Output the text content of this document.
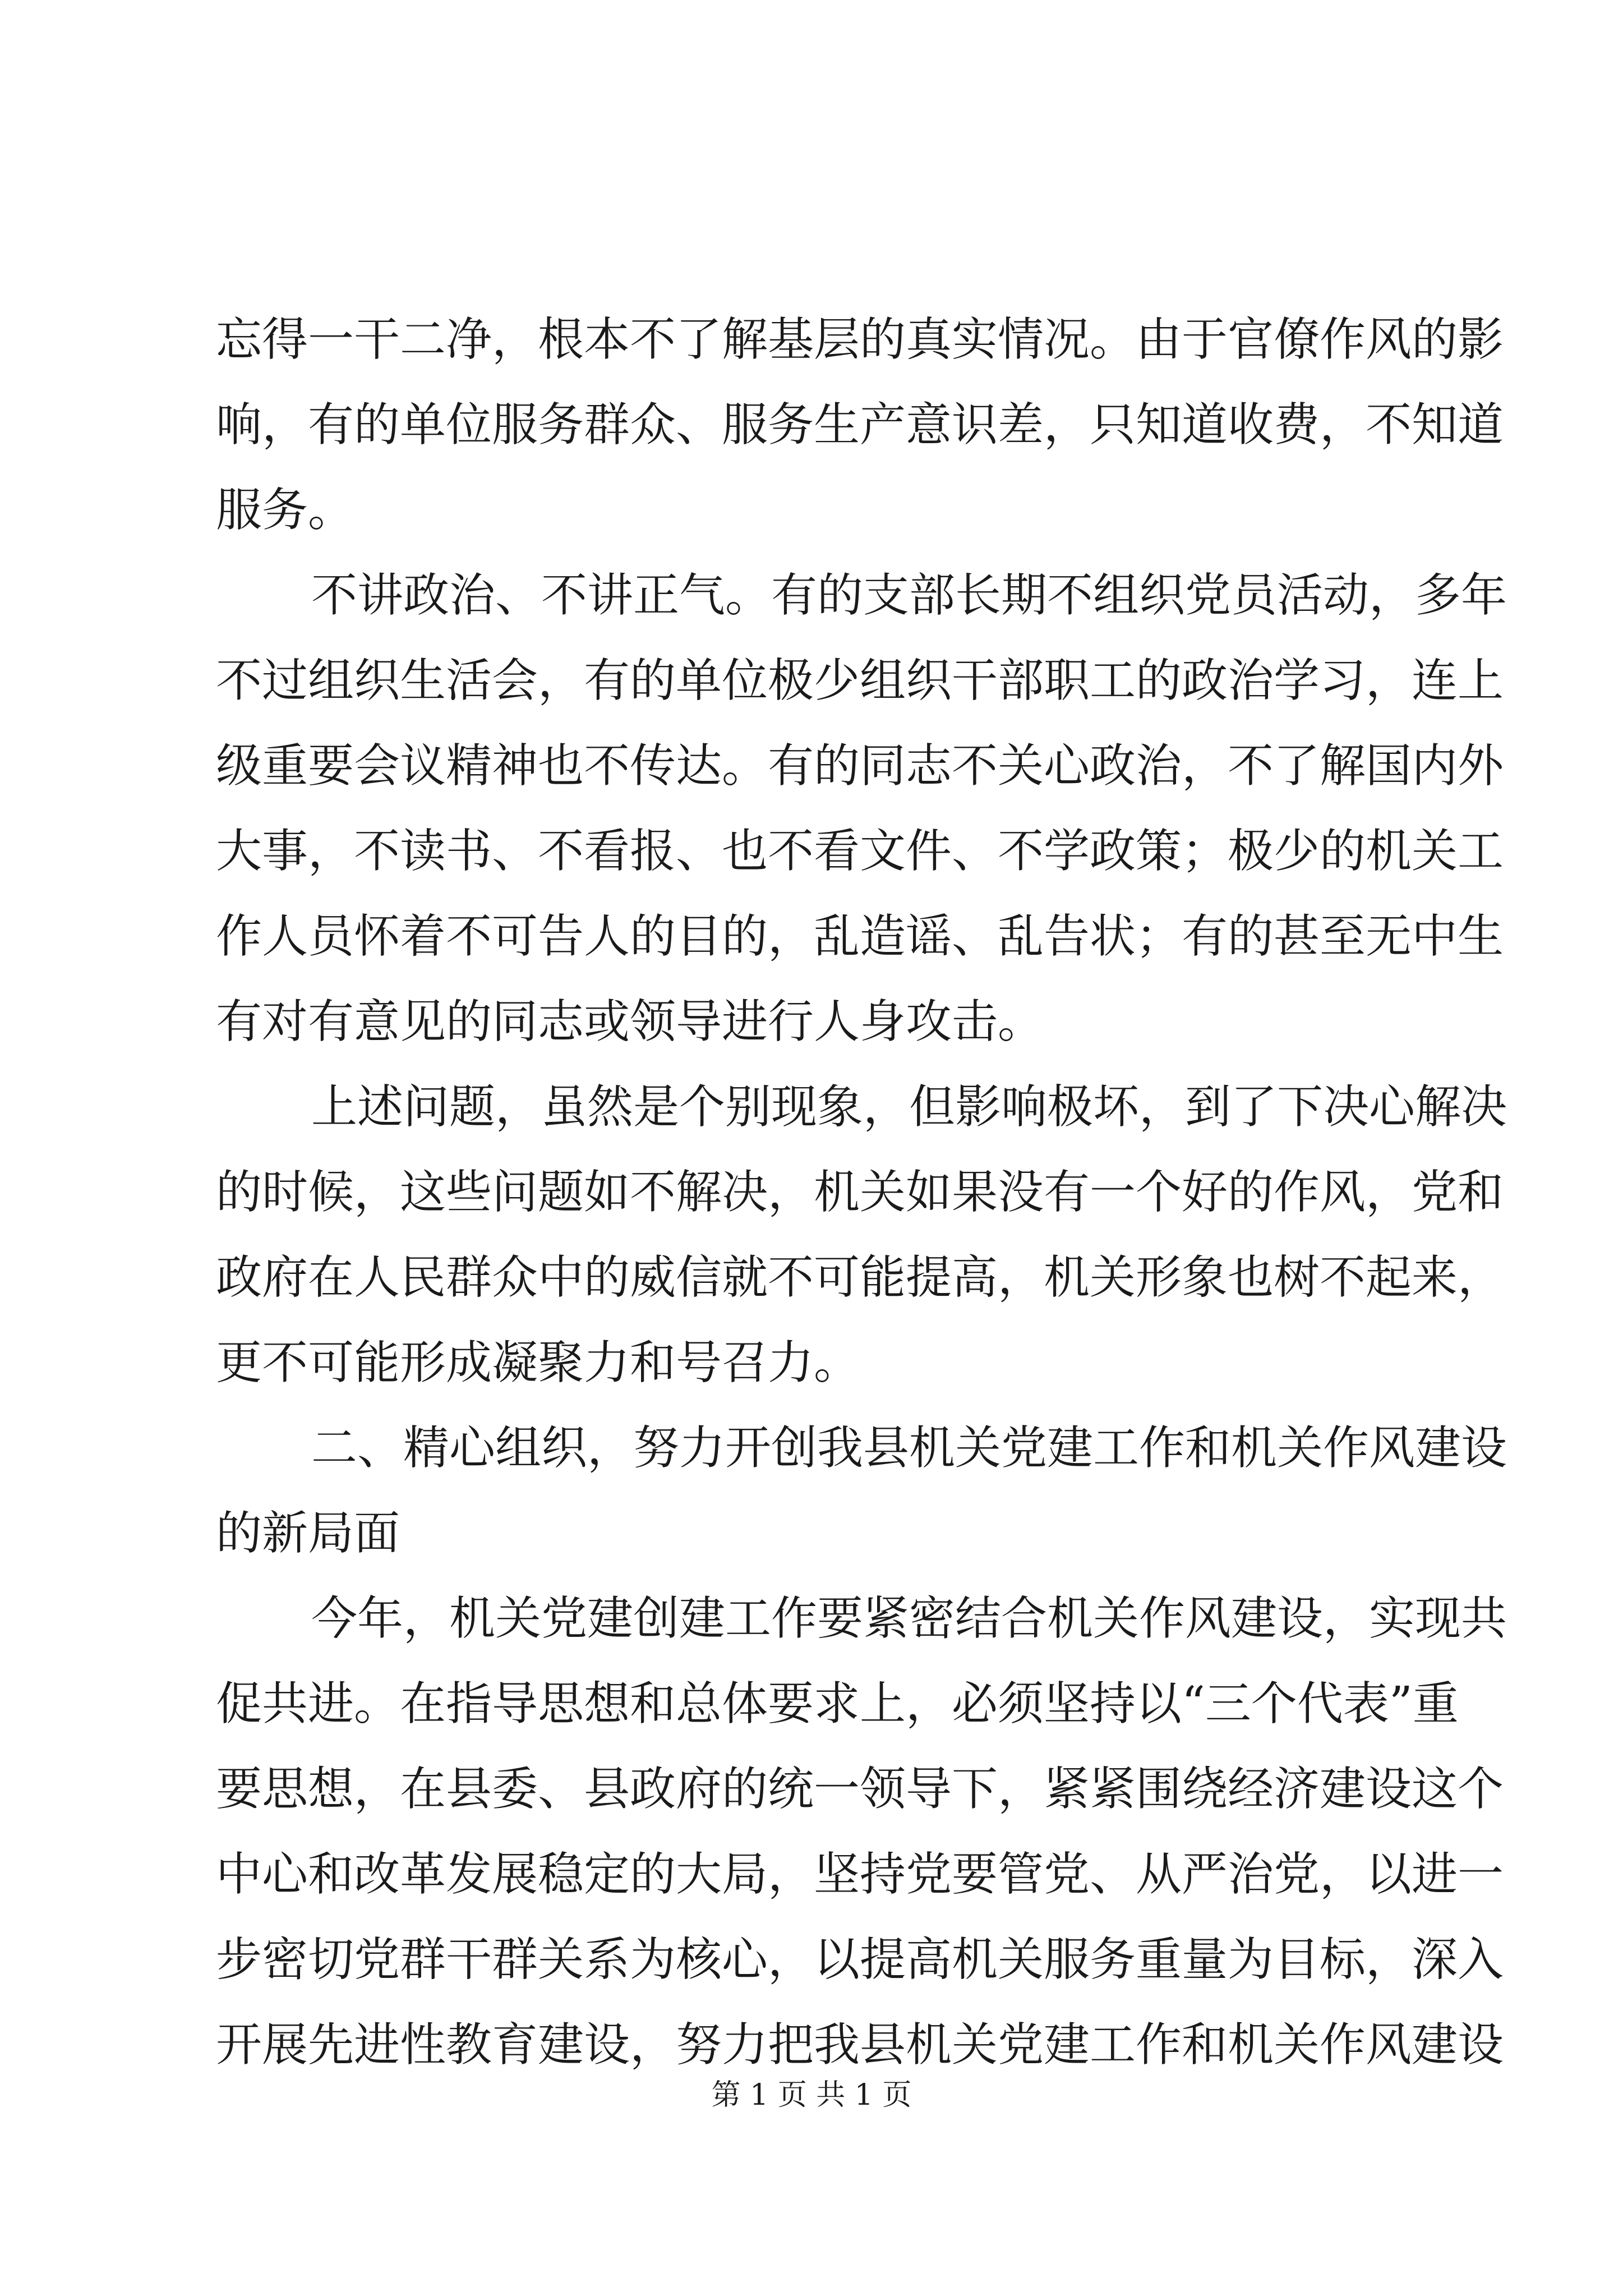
忘得一干二净，根本不了解基层的真实情况。由于官僚作风的影
响，有的单位服务群众、服务生产意识差，只知道收费，不知道
服务。
不讲政治、不讲正气。有的支部长期不组织党员活动，多年
不过组织生活会，有的单位极少组织干部职工的政治学习，连上
级重要会议精神也不传达。有的同志不关心政治，不了解国内外
大事，不读书、不看报、也不看文件、不学政策；极少的机关工
作人员怀着不可告人的目的，乱造谣、乱告状；有的甚至无中生
有对有意见的同志或领导进行人身攻击。
上述问题，虽然是个别现象，但影响极坏，到了下决心解决
的时候，这些问题如不解决，机关如果没有一个好的作风，党和
政府在人民群众中的威信就不可能提高，机关形象也树不起来，
更不可能形成凝聚力和号召力。
二、精心组织，努力开创我县机关党建工作和机关作风建设
的新局面
今年，机关党建创建工作要紧密结合机关作风建设，实现共
促共进。在指导思想和总体要求上，必须坚持以“三个代表”重
要思想，在县委、县政府的统一领导下，紧紧围绕经济建设这个
中心和改革发展稳定的大局，坚持党要管党、从严治党，以进一
步密切党群干群关系为核心，以提高机关服务重量为目标，深入
开展先进性教育建设，努力把我县机关党建工作和机关作风建设
第 1 页 共 1 页
